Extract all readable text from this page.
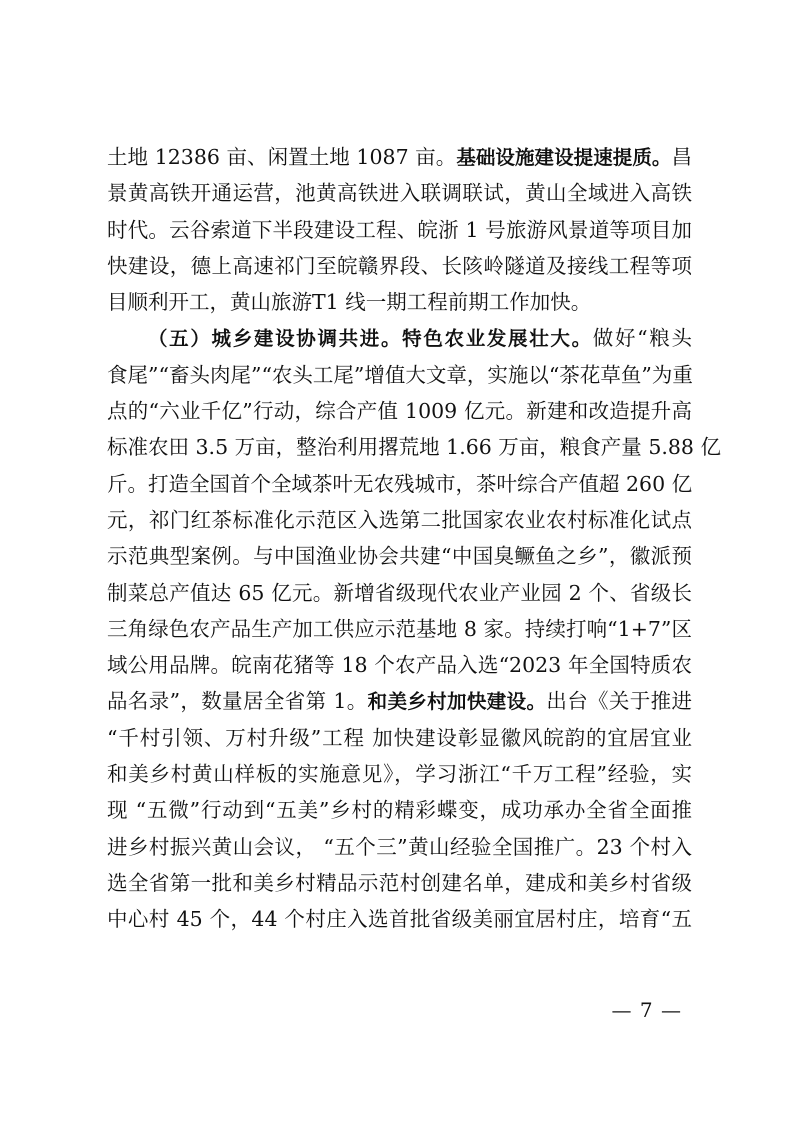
土地 12386 亩、闲置土地 1087 亩。基础设施建设提速提质。昌
景黄高铁开通运营，池黄高铁进入联调联试，黄山全域进入高铁
时代。云谷索道下半段建设工程、皖浙 1 号旅游风景道等项目加
快建设，德上高速祁门至皖赣界段、长陔岭隧道及接线工程等项
目顺利开工，黄山旅游T1 线一期工程前期工作加快。
（五）城乡建设协调共进。特色农业发展壮大。做好“粮头
食尾”“畜头肉尾”“农头工尾”增值大文章，实施以“茶花草鱼”为重
点的“六业千亿”行动，综合产值 1009 亿元。新建和改造提升高
标准农田 3.5 万亩，整治利用撂荒地 1.66 万亩，粮食产量 5.88 亿
斤。打造全国首个全域茶叶无农残城市，茶叶综合产值超 260 亿
元，祁门红茶标准化示范区入选第二批国家农业农村标准化试点
示范典型案例。与中国渔业协会共建“中国臭鳜鱼之乡”，徽派预
制菜总产值达 65 亿元。新增省级现代农业产业园 2 个、省级长
三角绿色农产品生产加工供应示范基地 8 家。持续打响“1+7”区
域公用品牌。皖南花猪等 18 个农产品入选“2023 年全国特质农
品名录”，数量居全省第 1。和美乡村加快建设。出台《关于推进
“千村引领、万村升级”工程 加快建设彰显徽风皖韵的宜居宜业
和美乡村黄山样板的实施意见》，学习浙江“千万工程”经验，实
现 “五微”行动到“五美”乡村的精彩蝶变，成功承办全省全面推
进乡村振兴黄山会议， “五个三”黄山经验全国推广。23 个村入
选全省第一批和美乡村精品示范村创建名单，建成和美乡村省级
中心村 45 个，44 个村庄入选首批省级美丽宜居村庄，培育“五
— 7 —
